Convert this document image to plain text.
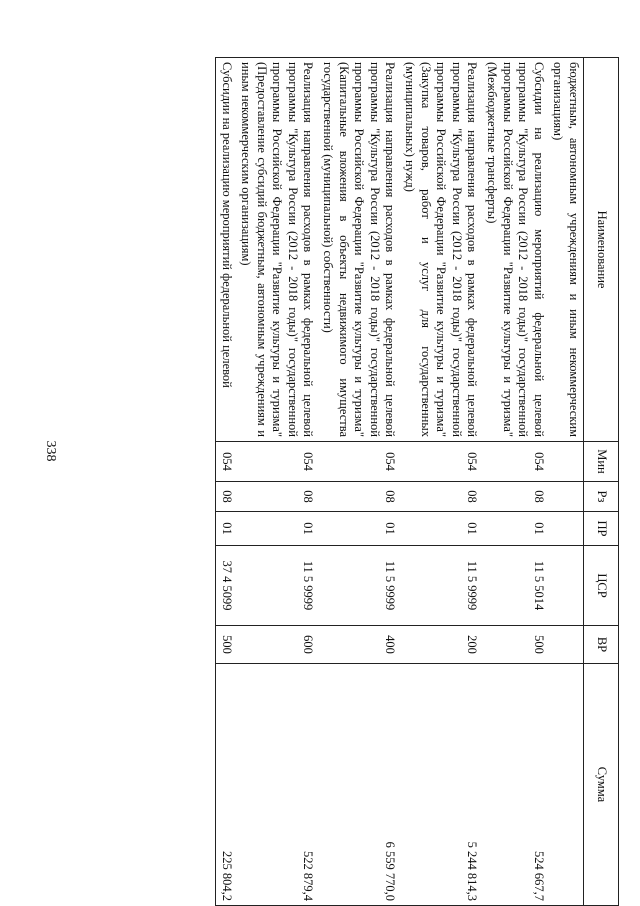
338
Наименование	Мин	Рз	ПР	ЦСР	ВР	Сумма
бюджетным, автономным учреждениям и иным некоммерческим организациям)						
Субсидии на реализацию мероприятий федеральной целевой программы "Культура России (2012 - 2018 годы)" государственной программы Российской Федерации "Развитие культуры и туризма" (Межбюджетные трансферты)	054	08	01	11 5 5014	500	524 667,7
Реализация направления расходов в рамках федеральной целевой программы "Культура России (2012 - 2018 годы)" государственной программы Российской Федерации "Развитие культуры и туризма" (Закупка товаров, работ и услуг для государственных (муниципальных) нужд)	054	08	01	11 5 9999	200	5 244 814,3
Реализация направления расходов в рамках федеральной целевой программы "Культура России (2012 - 2018 годы)" государственной программы Российской Федерации "Развитие культуры и туризма" (Капитальные вложения в объекты недвижимого имущества государственной (муниципальной) собственности)	054	08	01	11 5 9999	400	6 559 770,0
Реализация направления расходов в рамках федеральной целевой программы "Культура России (2012 - 2018 годы)" государственной программы Российской Федерации "Развитие культуры и туризма" (Предоставление субсидий бюджетным, автономным учреждениям и иным некоммерческим организациям)	054	08	01	11 5 9999	600	522 879,4
Субсидии на реализацию мероприятий федеральной целевой	054	08	01	37 4 5099	500	225 804,2
